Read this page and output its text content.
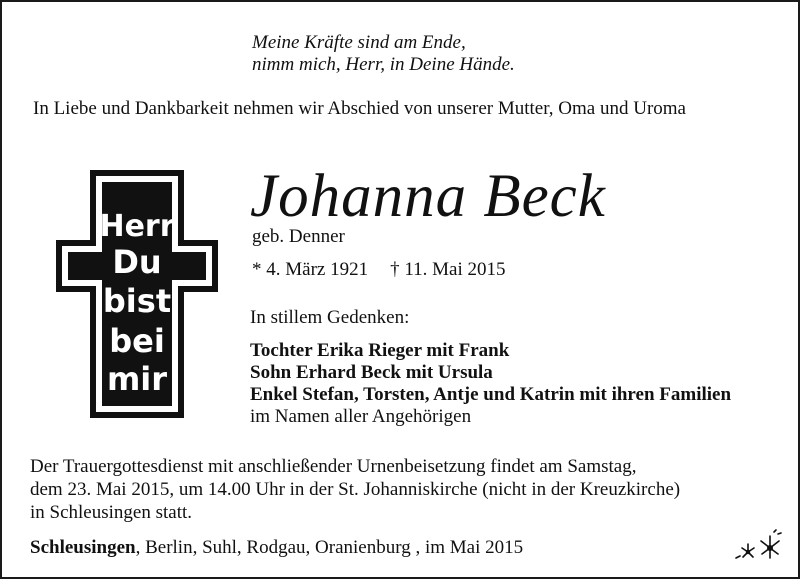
Meine Kräfte sind am Ende,
nimm mich, Herr, in Deine Hände.
In Liebe und Dankbarkeit nehmen wir Abschied von unserer Mutter, Oma und Uroma
Herr
Du
bist
bei
mir
Johanna Beck
geb. Denner
* 4. März 1921 † 11. Mai 2015
In stillem Gedenken:
Tochter Erika Rieger mit Frank
Sohn Erhard Beck mit Ursula
Enkel Stefan, Torsten, Antje und Katrin mit ihren Familien
im Namen aller Angehörigen
Der Trauergottesdienst mit anschließender Urnenbeisetzung findet am Samstag,
dem 23. Mai 2015, um 14.00 Uhr in der St. Johanniskirche (nicht in der Kreuzkirche)
in Schleusingen statt.
Schleusingen, Berlin, Suhl, Rodgau, Oranienburg , im Mai 2015
